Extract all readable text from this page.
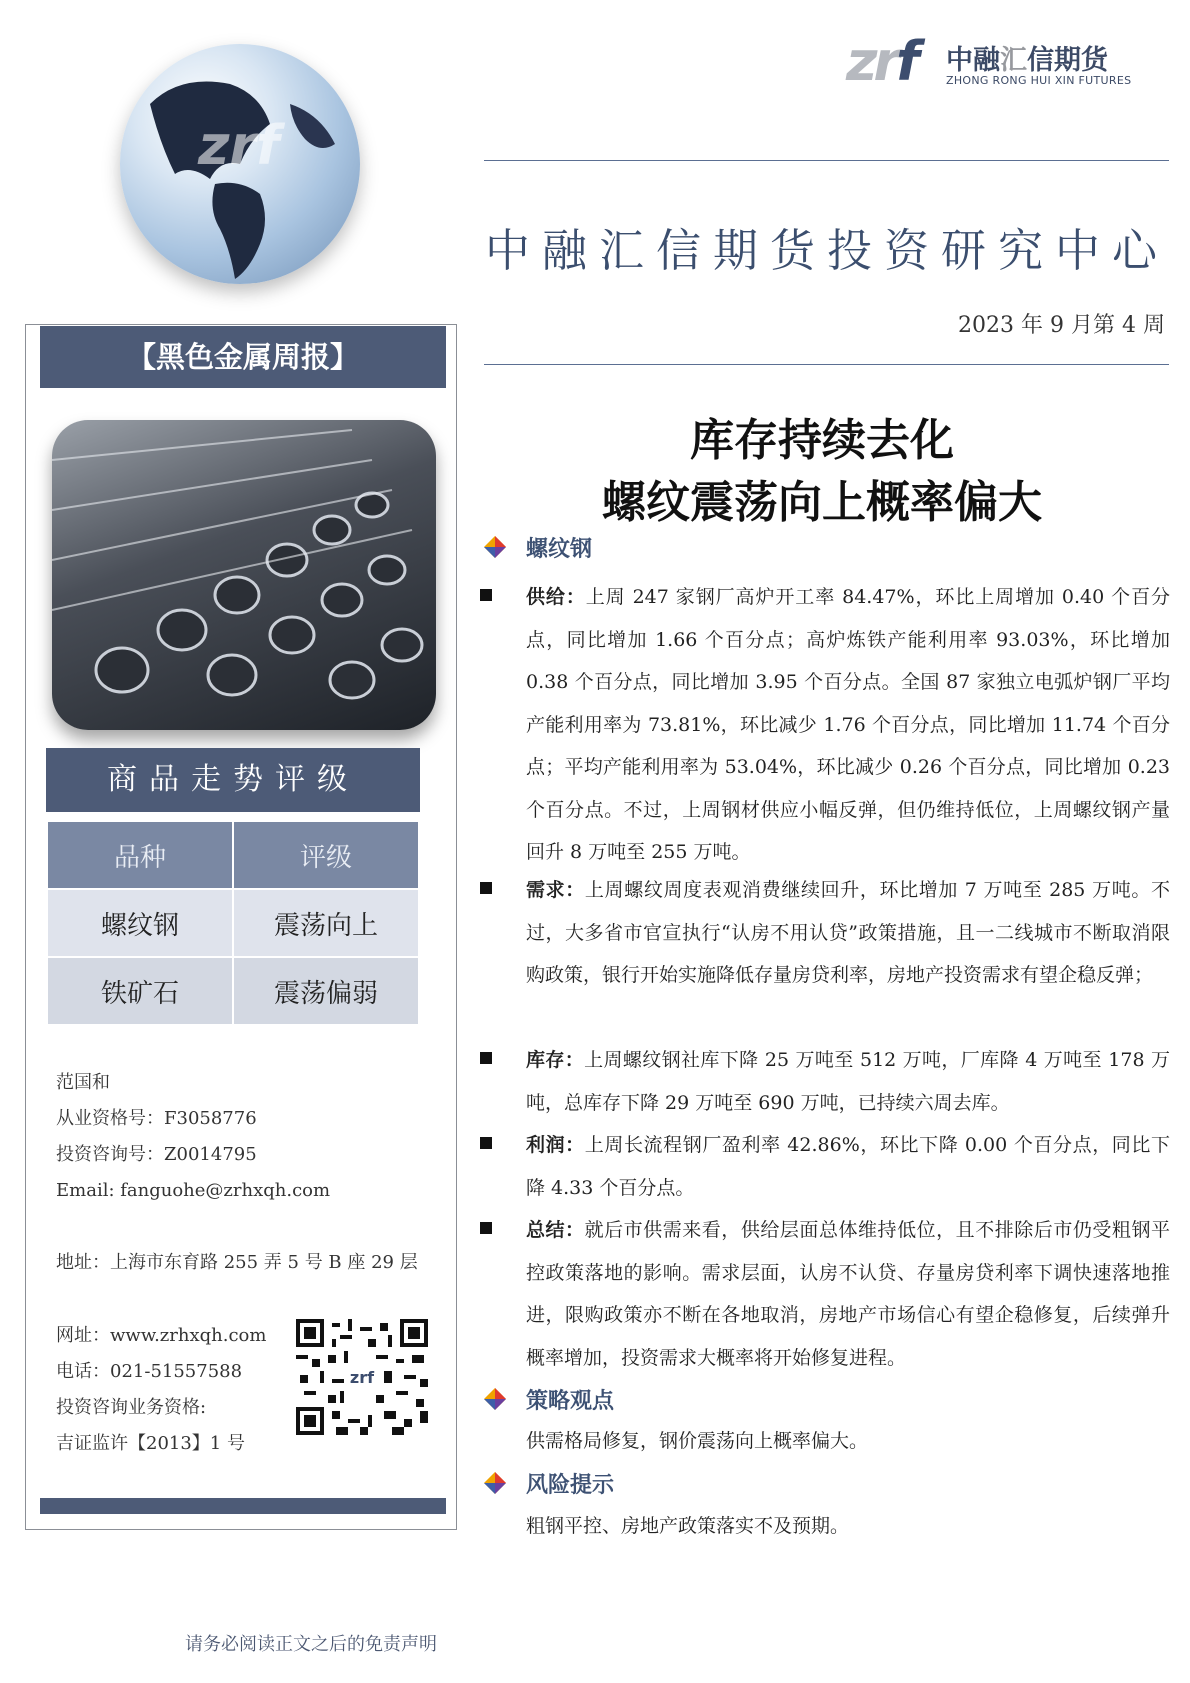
zrf
zrf 中融汇信期货
ZHONG RONG HUI XIN FUTURES
中融汇信期货投资研究中心
2023 年 9 月第 4 周
【黑色金属周报】
商品走势评级
品种	评级
螺纹钢	震荡向上
铁矿石	震荡偏弱
范国和
从业资格号：F3058776
投资咨询号：Z0014795
Email: fanguohe@zrhxqh.com
地址：上海市东育路 255 弄 5 号 B 座 29 层
网址：www.zrhxqh.com
电话：021-51557588
投资咨询业务资格:
吉证监许【2013】1 号
zrf
库存持续去化
螺纹震荡向上概率偏大
螺纹钢
供给：上周 247 家钢厂高炉开工率 84.47%，环比上周增加 0.40 个百分点，同比增加 1.66 个百分点；高炉炼铁产能利用率 93.03%，环比增加 0.38 个百分点，同比增加 3.95 个百分点。全国 87 家独立电弧炉钢厂平均产能利用率为 73.81%，环比减少 1.76 个百分点，同比增加 11.74 个百分点；平均产能利用率为 53.04%，环比减少 0.26 个百分点，同比增加 0.23 个百分点。不过，上周钢材供应小幅反弹，但仍维持低位，上周螺纹钢产量回升 8 万吨至 255 万吨。
需求：上周螺纹周度表观消费继续回升，环比增加 7 万吨至 285 万吨。不过，大多省市官宣执行“认房不用认贷”政策措施，且一二线城市不断取消限购政策，银行开始实施降低存量房贷利率，房地产投资需求有望企稳反弹；
库存：上周螺纹钢社库下降 25 万吨至 512 万吨，厂库降 4 万吨至 178 万吨，总库存下降 29 万吨至 690 万吨，已持续六周去库。
利润：上周长流程钢厂盈利率 42.86%，环比下降 0.00 个百分点，同比下降 4.33 个百分点。
总结：就后市供需来看，供给层面总体维持低位，且不排除后市仍受粗钢平控政策落地的影响。需求层面，认房不认贷、存量房贷利率下调快速落地推进，限购政策亦不断在各地取消，房地产市场信心有望企稳修复，后续弹升概率增加，投资需求大概率将开始修复进程。
策略观点
供需格局修复，钢价震荡向上概率偏大。
风险提示
粗钢平控、房地产政策落实不及预期。
请务必阅读正文之后的免责声明
